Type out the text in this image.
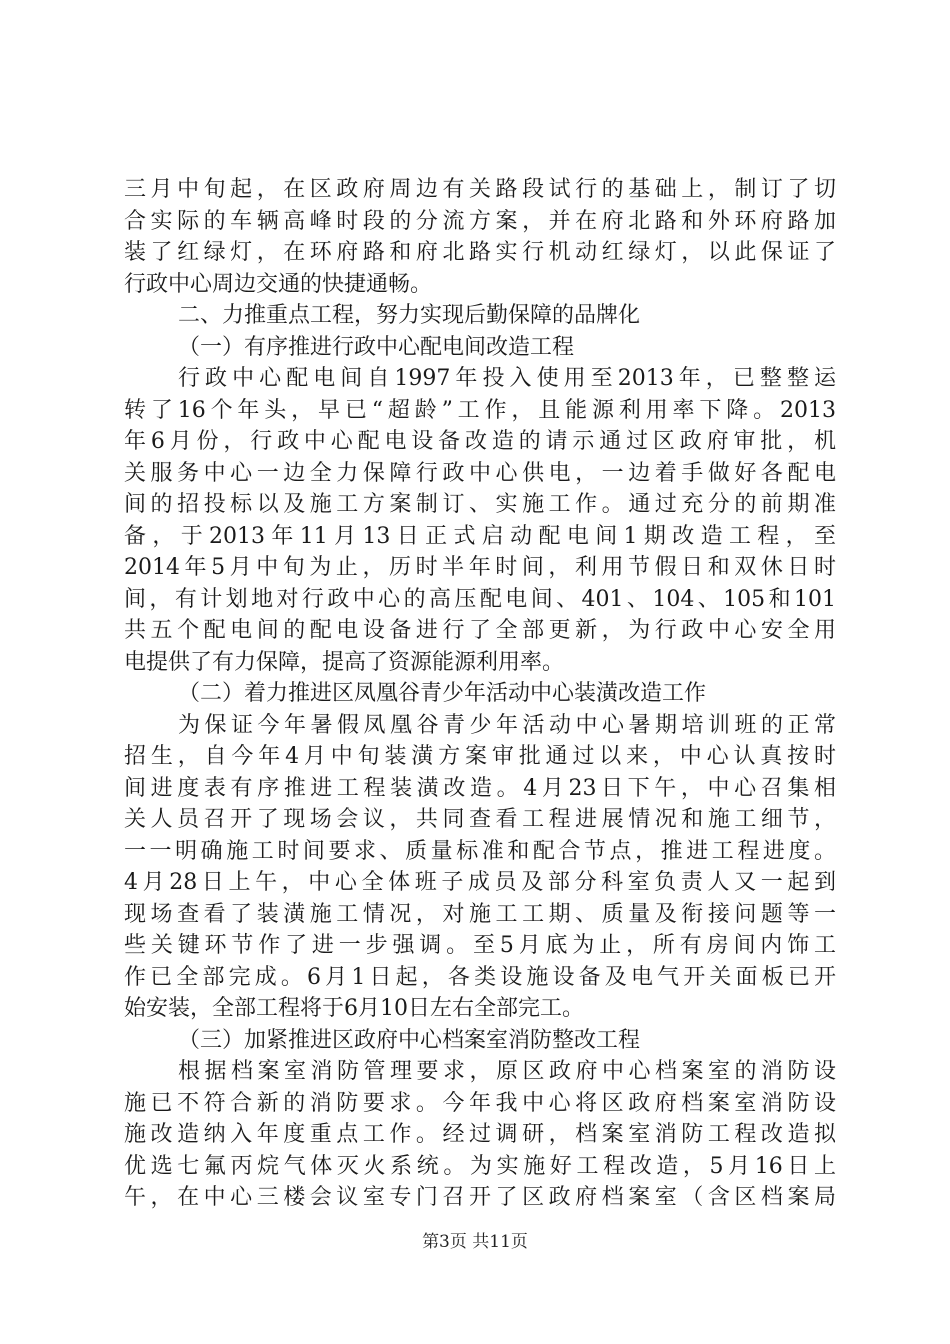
三月中旬起，在区政府周边有关路段试行的基础上，制订了切
合实际的车辆高峰时段的分流方案，并在府北路和外环府路加
装了红绿灯，在环府路和府北路实行机动红绿灯，以此保证了
行政中心周边交通的快捷通畅。
二、力推重点工程，努力实现后勤保障的品牌化
（一）有序推进行政中心配电间改造工程
行政中心配电间自1997年投入使用至2013年，已整整运
转了16个年头，早已“超龄”工作，且能源利用率下降。2013
年6月份，行政中心配电设备改造的请示通过区政府审批，机
关服务中心一边全力保障行政中心供电，一边着手做好各配电
间的招投标以及施工方案制订、实施工作。通过充分的前期准
备，于2013年11月13日正式启动配电间1期改造工程，至
2014年5月中旬为止，历时半年时间，利用节假日和双休日时
间，有计划地对行政中心的高压配电间、401、104、105和101
共五个配电间的配电设备进行了全部更新，为行政中心安全用
电提供了有力保障，提高了资源能源利用率。
（二）着力推进区凤凰谷青少年活动中心装潢改造工作
为保证今年暑假凤凰谷青少年活动中心暑期培训班的正常
招生，自今年4月中旬装潢方案审批通过以来，中心认真按时
间进度表有序推进工程装潢改造。4月23日下午，中心召集相
关人员召开了现场会议，共同查看工程进展情况和施工细节，
一一明确施工时间要求、质量标准和配合节点，推进工程进度。
4月28日上午，中心全体班子成员及部分科室负责人又一起到
现场查看了装潢施工情况，对施工工期、质量及衔接问题等一
些关键环节作了进一步强调。至5月底为止，所有房间内饰工
作已全部完成。6月1日起，各类设施设备及电气开关面板已开
始安装，全部工程将于6月10日左右全部完工。
（三）加紧推进区政府中心档案室消防整改工程
根据档案室消防管理要求，原区政府中心档案室的消防设
施已不符合新的消防要求。今年我中心将区政府档案室消防设
施改造纳入年度重点工作。经过调研，档案室消防工程改造拟
优选七氟丙烷气体灭火系统。为实施好工程改造，5月16日上
午，在中心三楼会议室专门召开了区政府档案室（含区档案局
第3页 共11页
